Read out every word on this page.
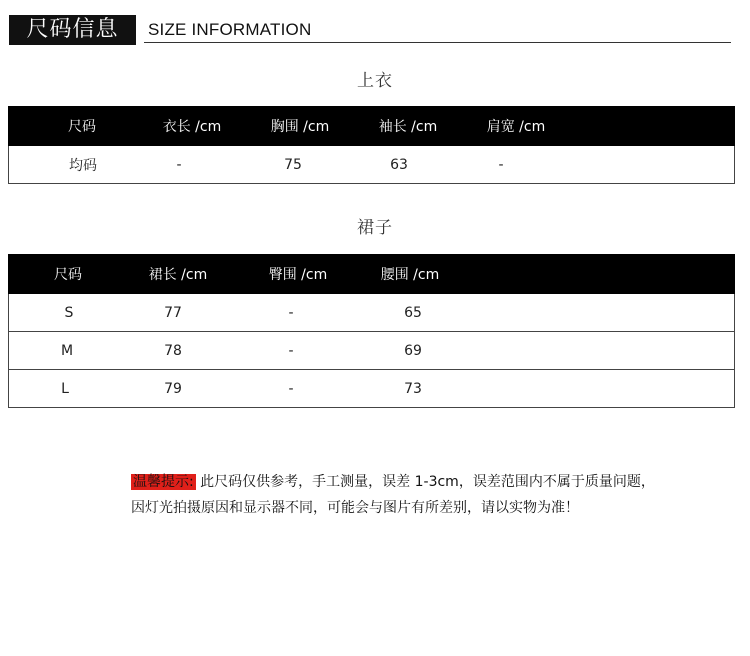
尺码信息	SIZE INFORMATION
上衣
尺码	衣长 /cm	胸围 /cm	袖长 /cm	肩宽 /cm
均码	-	75	63	-
裙子
尺码	裙长 /cm	臀围 /cm	腰围 /cm
S	77	-	65
M	78	-	69
L	79	-	73
温馨提示: 此尺码仅供参考，手工测量，误差 1-3cm，误差范围内不属于质量问题，
因灯光拍摄原因和显示器不同，可能会与图片有所差别，请以实物为准！
